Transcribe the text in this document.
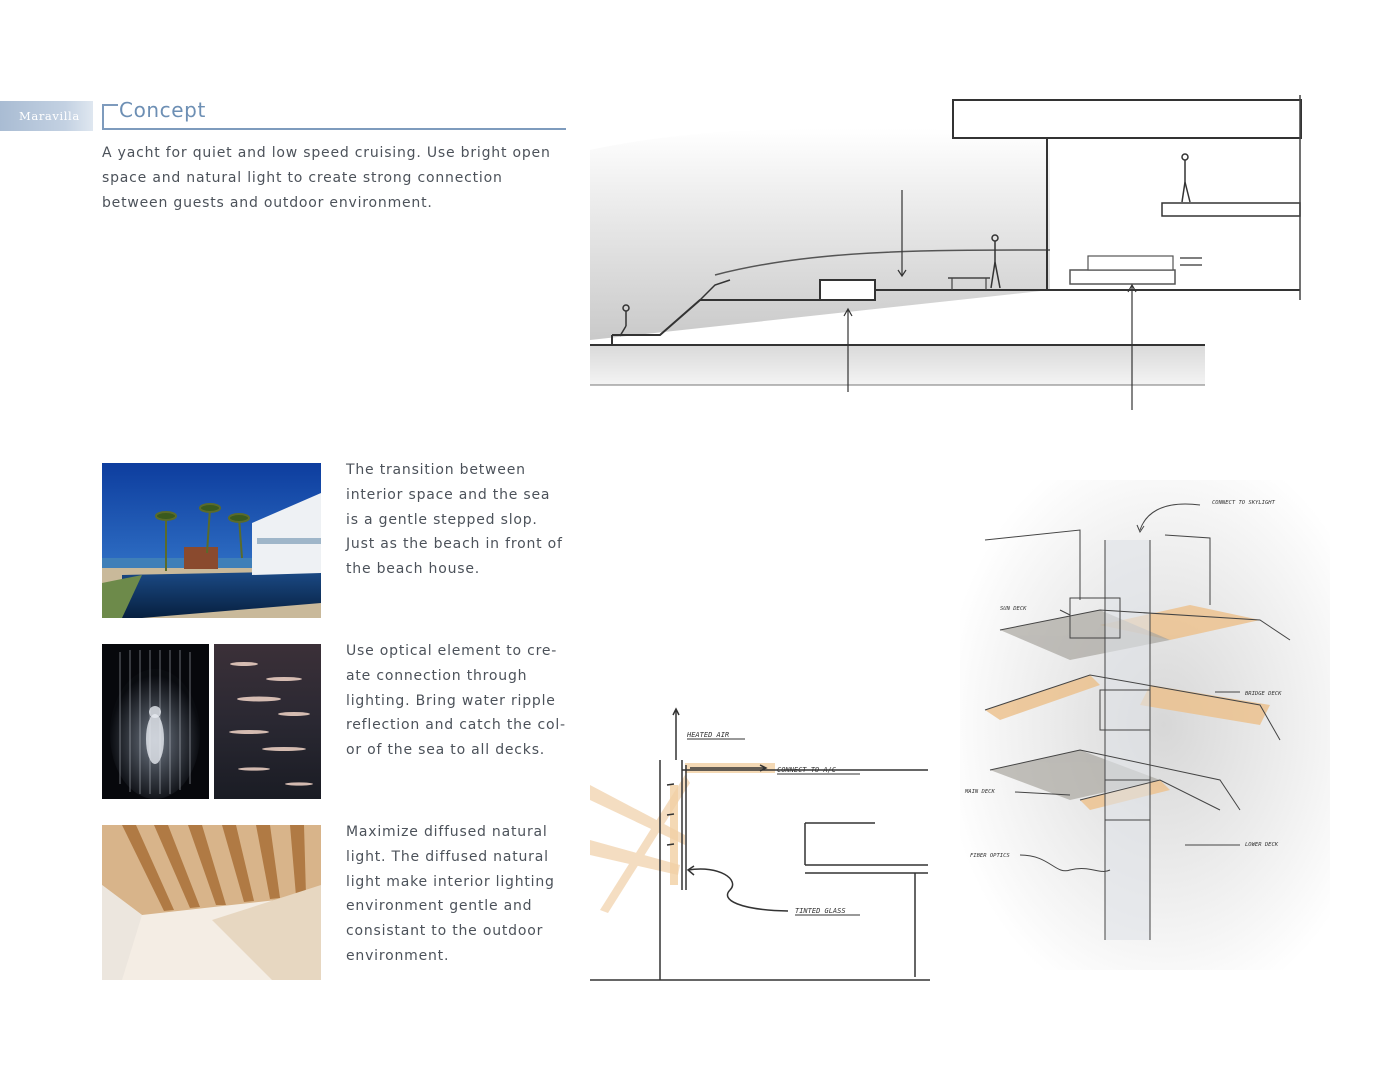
Maravilla	Concept

A yacht for quiet and low speed cruising. Use bright open space and natural light to create strong connection between guests and outdoor environment.

The transition between interior space and the sea is a gentle stepped slop. Just as the beach in front of the beach house.

Use optical element to cre-ate connection through lighting. Bring water ripple reflection and catch the col-or of the sea to all decks.

Maximize diffused natural light. The diffused natural light make interior lighting environment gentle and consistant to the outdoor environment.

HEATED AIR
CONNECT TO A/C
TINTED GLASS
CONNECT TO SKYLIGHT
SUN DECK
BRIDGE DECK
MAIN DECK
LOWER DECK
FIBER OPTICS
